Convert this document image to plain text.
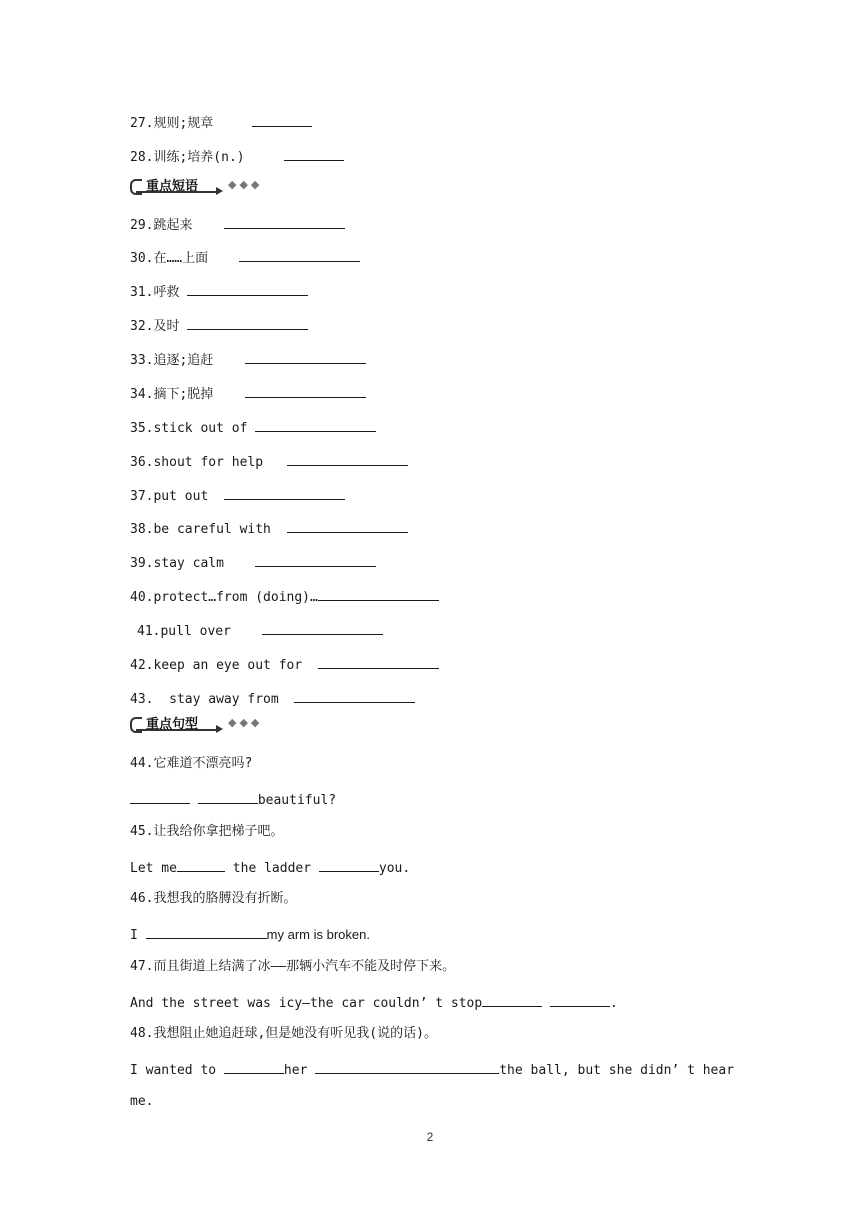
27.规则;规章
28.训练;培养(n.)
重点短语	◆◆◆
29.跳起来
30.在……上面
31.呼救
32.及时
33.追逐;追赶
34.摘下;脱掉
35.stick out of
36.shout for help
37.put out
38.be careful with
39.stay calm
40.protect…from (doing)…
41.pull over
42.keep an eye out for
43.  stay away from
重点句型	◆◆◆
44.它难道不漂亮吗?
beautiful?
45.让我给你拿把梯子吧。
Let me	the ladder	you.
46.我想我的胳膊没有折断。
I	my arm is broken.
47.而且街道上结满了冰——那辆小汽车不能及时停下来。
And the street was icy—the car couldn’ t stop	.
48.我想阻止她追赶球,但是她没有听见我(说的话)。
I wanted to	her	the ball, but she didn’ t hear
me.
2
